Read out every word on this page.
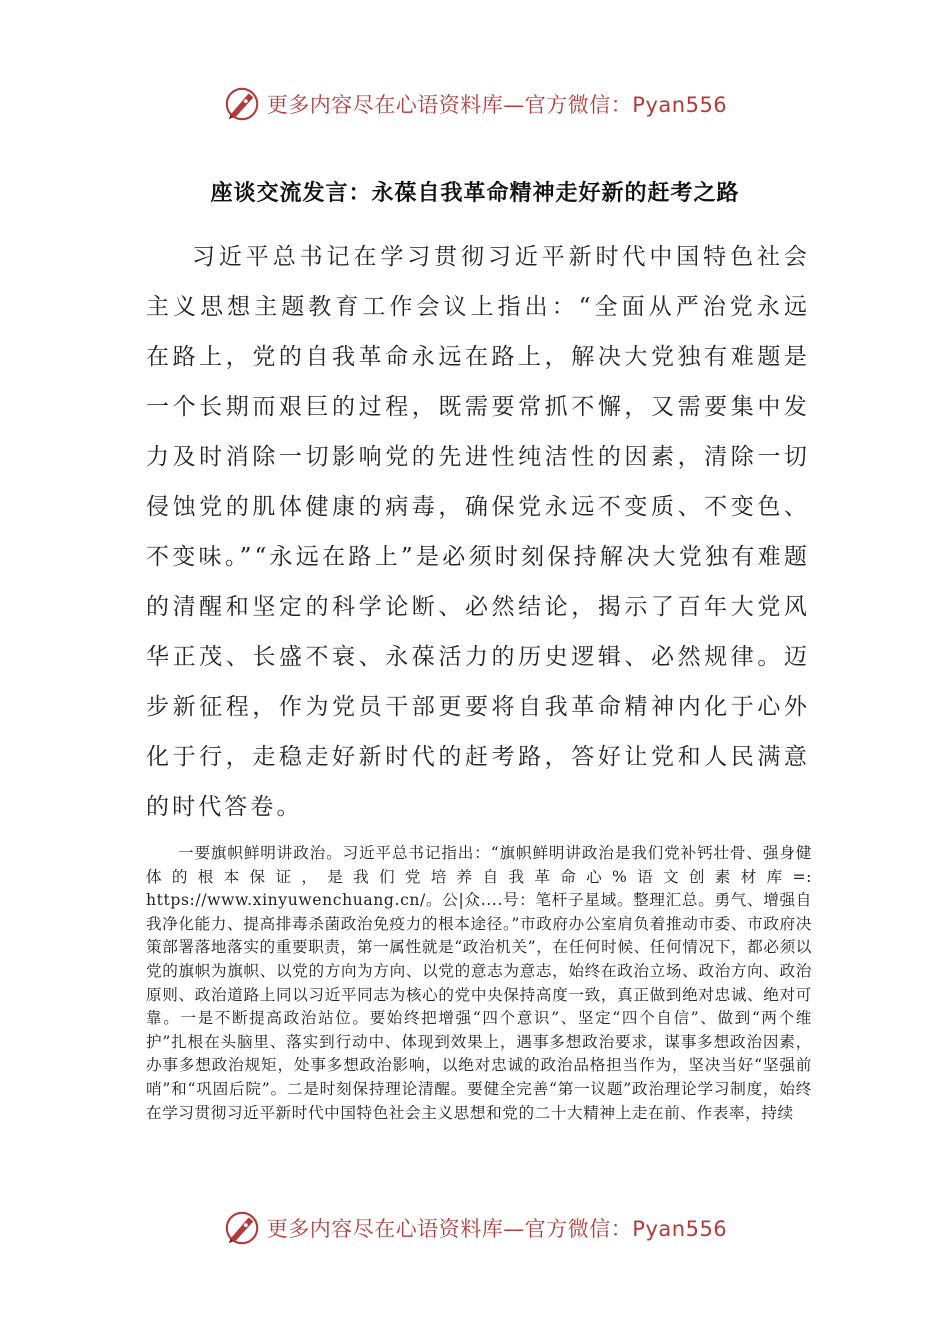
更多内容尽在心语资料库—官方微信：Pyan556
座谈交流发言：永葆自我革命精神走好新的赶考之路

习近平总书记在学习贯彻习近平新时代中国特色社会主义思想主题教育工作会议上指出：“全面从严治党永远在路上，党的自我革命永远在路上，解决大党独有难题是一个长期而艰巨的过程，既需要常抓不懈，又需要集中发力及时消除一切影响党的先进性纯洁性的因素，清除一切侵蚀党的肌体健康的病毒，确保党永远不变质、不变色、不变味。”“永远在路上”是必须时刻保持解决大党独有难题的清醒和坚定的科学论断、必然结论，揭示了百年大党风华正茂、长盛不衰、永葆活力的历史逻辑、必然规律。迈步新征程，作为党员干部更要将自我革命精神内化于心外化于行，走稳走好新时代的赶考路，答好让党和人民满意的时代答卷。

一要旗帜鲜明讲政治。习近平总书记指出：“旗帜鲜明讲政治是我们党补钙壮骨、强身健体的根本保证，是我们党培养自我革命心%语文创素材库=: https://www.xinyuwenchuang.cn/。公|众....号：笔杆子星域。整理汇总。勇气、增强自我净化能力、提高排毒杀菌政治免疫力的根本途径。”市政府办公室肩负着推动市委、市政府决策部署落地落实的重要职责，第一属性就是“政治机关”，在任何时候、任何情况下，都必须以党的旗帜为旗帜、以党的方向为方向、以党的意志为意志，始终在政治立场、政治方向、政治原则、政治道路上同以习近平同志为核心的党中央保持高度一致，真正做到绝对忠诚、绝对可靠。一是不断提高政治站位。要始终把增强“四个意识”、坚定“四个自信”、做到“两个维护”扎根在头脑里、落实到行动中、体现到效果上，遇事多想政治要求，谋事多想政治因素，办事多想政治规矩，处事多想政治影响，以绝对忠诚的政治品格担当作为，坚决当好“坚强前哨”和“巩固后院”。二是时刻保持理论清醒。要健全完善“第一议题”政治理论学习制度，始终在学习贯彻习近平新时代中国特色社会主义思想和党的二十大精神上走在前、作表率，持续

更多内容尽在心语资料库—官方微信：Pyan556
